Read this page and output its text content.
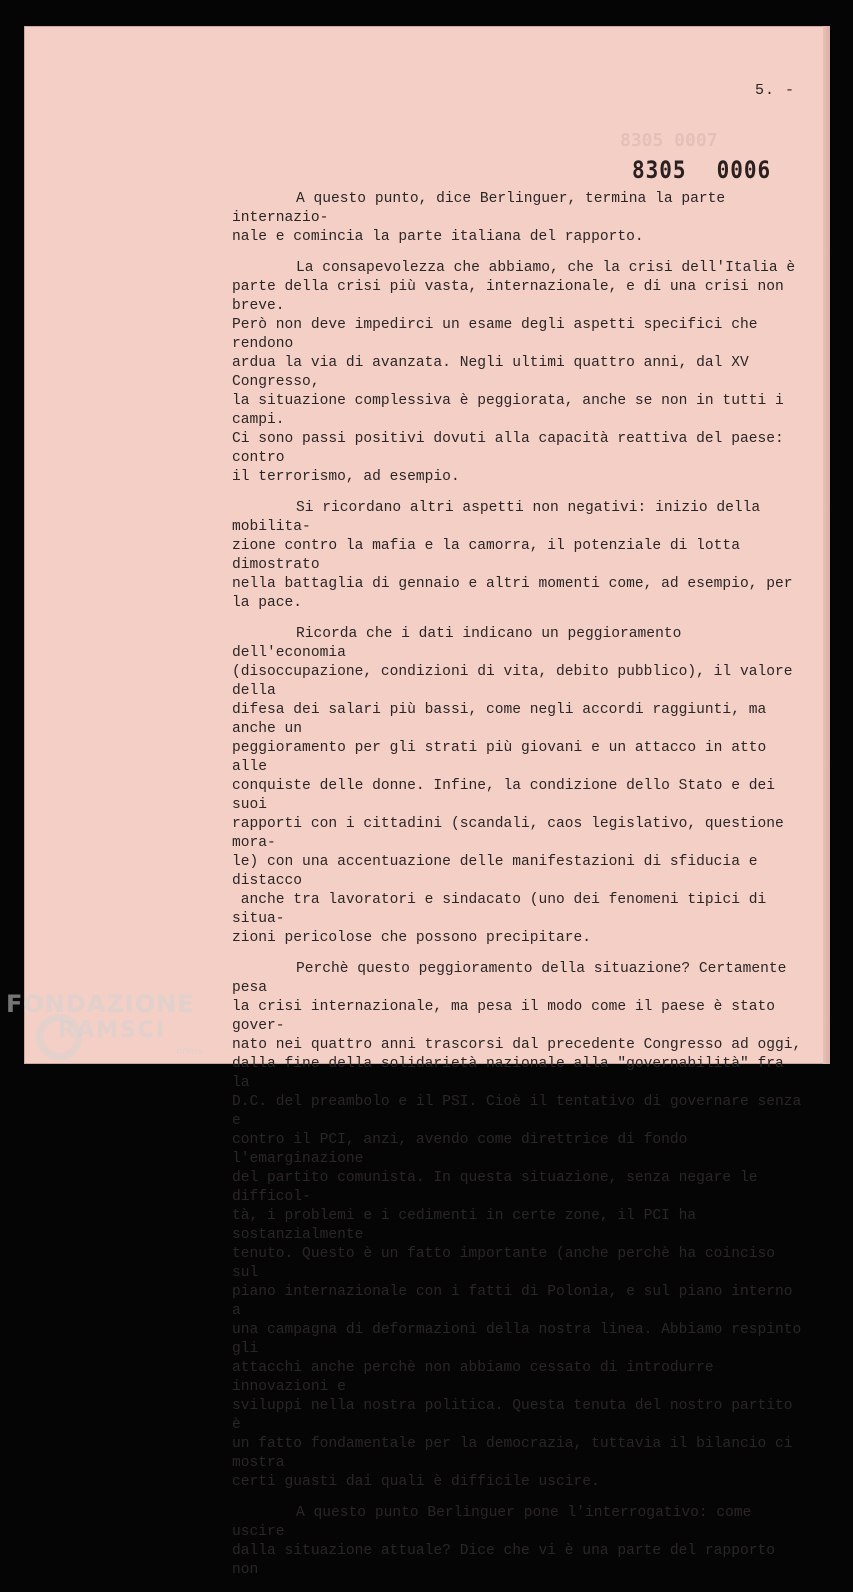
5. -
8305 0007
8305 0006

A questo punto, dice Berlinguer, termina la parte internazio-
nale e comincia la parte italiana del rapporto.

La consapevolezza che abbiamo, che la crisi dell'Italia è
parte della crisi più vasta, internazionale, e di una crisi non breve.
Però non deve impedirci un esame degli aspetti specifici che rendono
ardua la via di avanzata. Negli ultimi quattro anni, dal XV Congresso,
la situazione complessiva è peggiorata, anche se non in tutti i campi.
Ci sono passi positivi dovuti alla capacità reattiva del paese: contro
il terrorismo, ad esempio.

Si ricordano altri aspetti non negativi: inizio della mobilita-
zione contro la mafia e la camorra, il potenziale di lotta dimostrato
nella battaglia di gennaio e altri momenti come, ad esempio, per la pace.

Ricorda che i dati indicano un peggioramento dell'economia
(disoccupazione, condizioni di vita, debito pubblico), il valore della
difesa dei salari più bassi, come negli accordi raggiunti, ma anche un
peggioramento per gli strati più giovani e un attacco in atto alle
conquiste delle donne. Infine, la condizione dello Stato e dei suoi
rapporti con i cittadini (scandali, caos legislativo, questione mora-
le) con una accentuazione delle manifestazioni di sfiducia e distacco
anche tra lavoratori e sindacato (uno dei fenomeni tipici di situa-
zioni pericolose che possono precipitare.

Perchè questo peggioramento della situazione? Certamente pesa
la crisi internazionale, ma pesa il modo come il paese è stato gover-
nato nei quattro anni trascorsi dal precedente Congresso ad oggi,
dalla fine della solidarietà nazionale alla "governabilità" fra la
D.C. del preambolo e il PSI. Cioè il tentativo di governare senza e
contro il PCI, anzi, avendo come direttrice di fondo l'emarginazione
del partito comunista. In questa situazione, senza negare le difficol-
tà, i problemi e i cedimenti in certe zone, il PCI ha sostanzialmente
tenuto. Questo è un fatto importante (anche perchè ha coinciso sul
piano internazionale con i fatti di Polonia, e sul piano interno a
una campagna di deformazioni della nostra linea. Abbiamo respinto gli
attacchi anche perchè non abbiamo cessato di introdurre innovazioni e
sviluppi nella nostra politica. Questa tenuta del nostro partito è
un fatto fondamentale per la democrazia, tuttavia il bilancio ci mostra
certi guasti dai quali è difficile uscire.

A questo punto Berlinguer pone l'interrogativo: come uscire
dalla situazione attuale? Dice che vi è una parte del rapporto non

FONDAZIONE
RAMSCI
onlus
